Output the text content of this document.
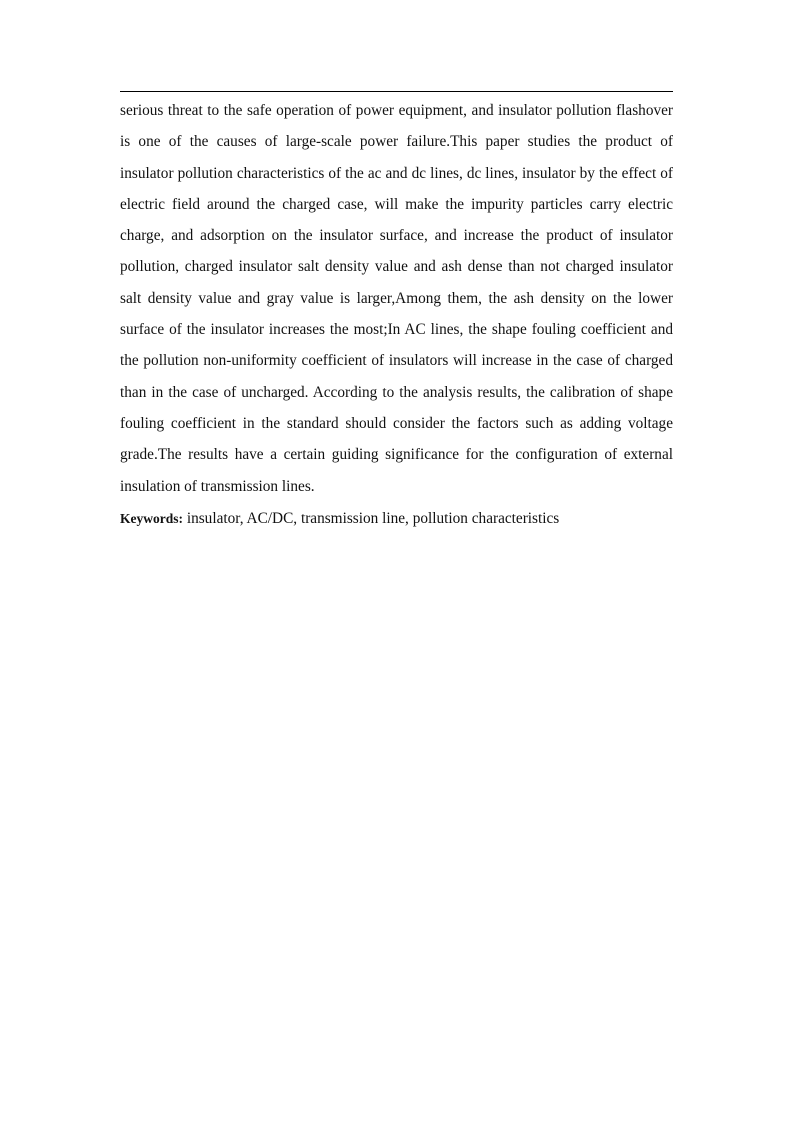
serious threat to the safe operation of power equipment, and insulator pollution flashover is one of the causes of large-scale power failure.This paper studies the product of insulator pollution characteristics of the ac and dc lines, dc lines, insulator by the effect of electric field around the charged case, will make the impurity particles carry electric charge, and adsorption on the insulator surface, and increase the product of insulator pollution, charged insulator salt density value and ash dense than not charged insulator salt density value and gray value is larger,Among them, the ash density on the lower surface of the insulator increases the most;In AC lines, the shape fouling coefficient and the pollution non-uniformity coefficient of insulators will increase in the case of charged than in the case of uncharged. According to the analysis results, the calibration of shape fouling coefficient in the standard should consider the factors such as adding voltage grade.The results have a certain guiding significance for the configuration of external insulation of transmission lines.

Keywords: insulator, AC/DC, transmission line, pollution characteristics
